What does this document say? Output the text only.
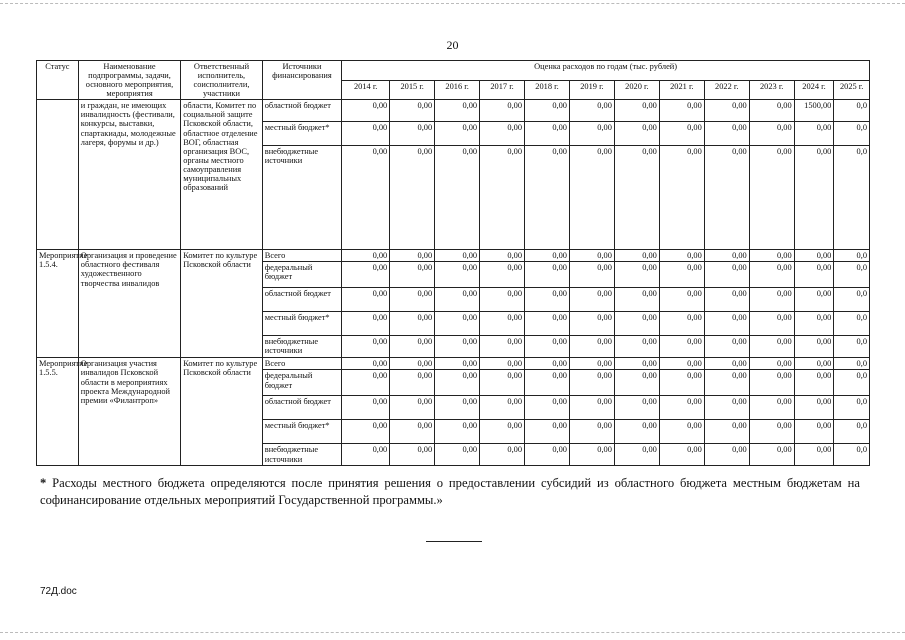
20
Статус	Наименование подпрограммы, задачи, основного мероприятия, мероприятия	Ответственный исполнитель, соисполнители, участники	Источники финансирования	Оценка расходов по годам (тыс. рублей)											
				2014 г.	2015 г.	2016 г.	2017 г.	2018 г.	2019 г.	2020 г.	2021 г.	2022 г.	2023 г.	2024 г.	2025 г.
	и граждан, не имеющих инвалидность (фестивали, конкурсы, выставки, спартакиады, молодежные лагеря, форумы и др.)	области, Комитет по социальной защите Псковской области, областное отделение ВОГ, областная организация ВОС, органы местного самоуправления муниципальных образований	областной бюджет	0,00	0,00	0,00	0,00	0,00	0,00	0,00	0,00	0,00	0,00	1500,00	0,0
			местный бюджет*	0,00	0,00	0,00	0,00	0,00	0,00	0,00	0,00	0,00	0,00	0,00	0,0
			внебюджетные источники	0,00	0,00	0,00	0,00	0,00	0,00	0,00	0,00	0,00	0,00	0,00	0,0
Мероприятие 1.5.4.	Организация и проведение областного фестиваля художественного творчества инвалидов	Комитет по культуре Псковской области	Всего	0,00	0,00	0,00	0,00	0,00	0,00	0,00	0,00	0,00	0,00	0,00	0,0
			федеральный бюджет	0,00	0,00	0,00	0,00	0,00	0,00	0,00	0,00	0,00	0,00	0,00	0,0
			областной бюджет	0,00	0,00	0,00	0,00	0,00	0,00	0,00	0,00	0,00	0,00	0,00	0,0
			местный бюджет*	0,00	0,00	0,00	0,00	0,00	0,00	0,00	0,00	0,00	0,00	0,00	0,0
			внебюджетные источники	0,00	0,00	0,00	0,00	0,00	0,00	0,00	0,00	0,00	0,00	0,00	0,0
Мероприятие 1.5.5.	Организация участия инвалидов Псковской области в мероприятиях проекта Международной премии «Филантроп»	Комитет по культуре Псковской области	Всего	0,00	0,00	0,00	0,00	0,00	0,00	0,00	0,00	0,00	0,00	0,00	0,0
			федеральный бюджет	0,00	0,00	0,00	0,00	0,00	0,00	0,00	0,00	0,00	0,00	0,00	0,0
			областной бюджет	0,00	0,00	0,00	0,00	0,00	0,00	0,00	0,00	0,00	0,00	0,00	0,0
			местный бюджет*	0,00	0,00	0,00	0,00	0,00	0,00	0,00	0,00	0,00	0,00	0,00	0,0
			внебюджетные источники	0,00	0,00	0,00	0,00	0,00	0,00	0,00	0,00	0,00	0,00	0,00	0,0
* Расходы местного бюджета определяются после принятия решения о предоставлении субсидий из областного бюджета местным бюджетам на софинансирование отдельных мероприятий Государственной программы.»
72Д.doc
